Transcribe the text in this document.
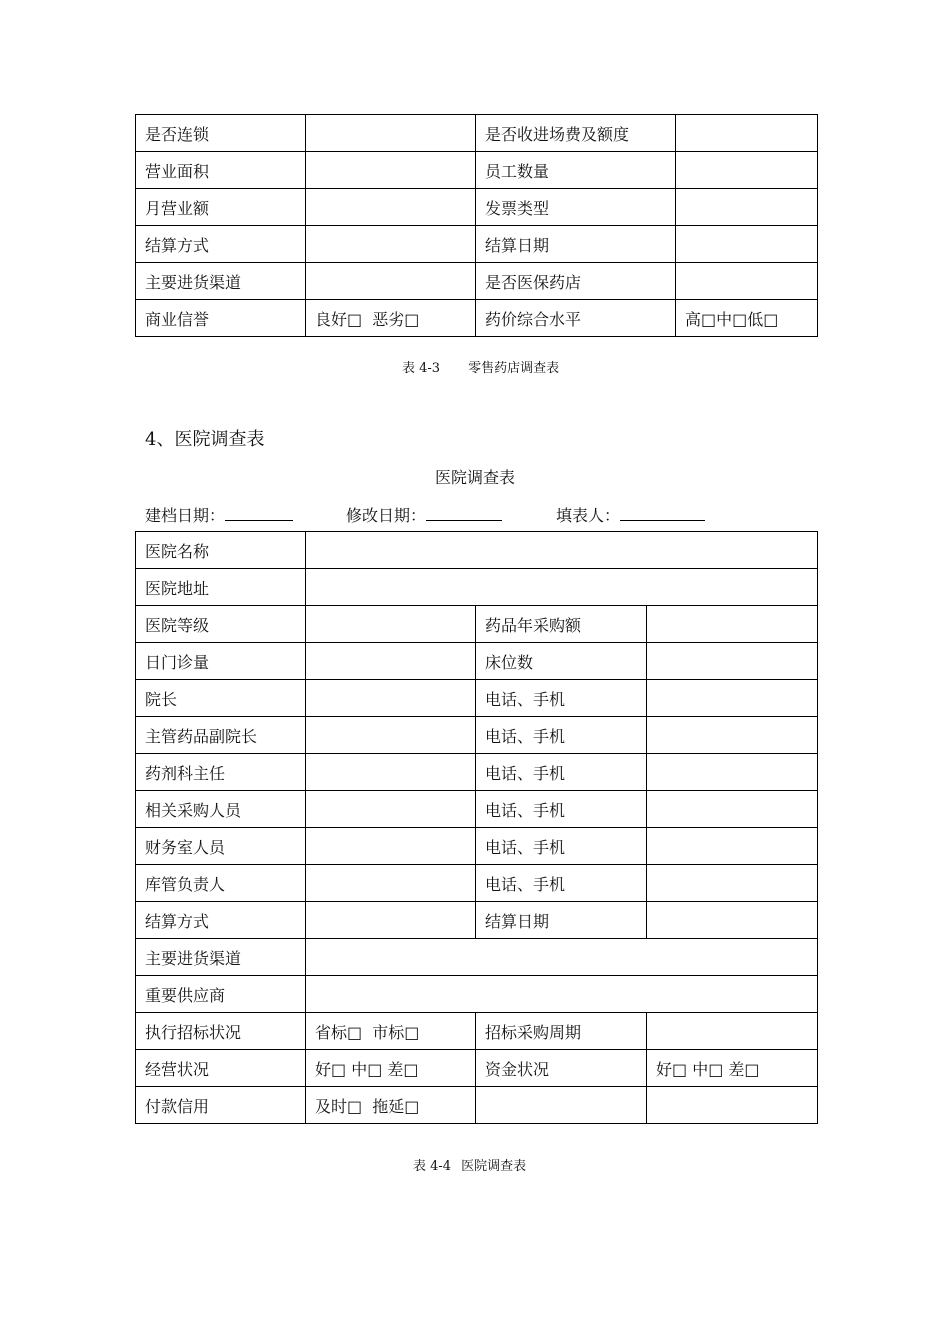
是否连锁		是否收进场费及额度	
营业面积		员工数量	
月营业额		发票类型	
结算方式		结算日期	
主要进货渠道		是否医保药店	
商业信誉	良好□  恶劣□	药价综合水平	高□中□低□
表 4-3 零售药店调查表
4、医院调查表
医院调查表
建档日期：	修改日期：	填表人：
医院名称			
医院地址			
医院等级		药品年采购额	
日门诊量		床位数	
院长		电话、手机	
主管药品副院长		电话、手机	
药剂科主任		电话、手机	
相关采购人员		电话、手机	
财务室人员		电话、手机	
库管负责人		电话、手机	
结算方式		结算日期	
主要进货渠道			
重要供应商			
执行招标状况	省标□  市标□	招标采购周期	
经营状况	好□ 中□ 差□	资金状况	好□ 中□ 差□
付款信用	及时□  拖延□		
表 4-4 医院调查表
